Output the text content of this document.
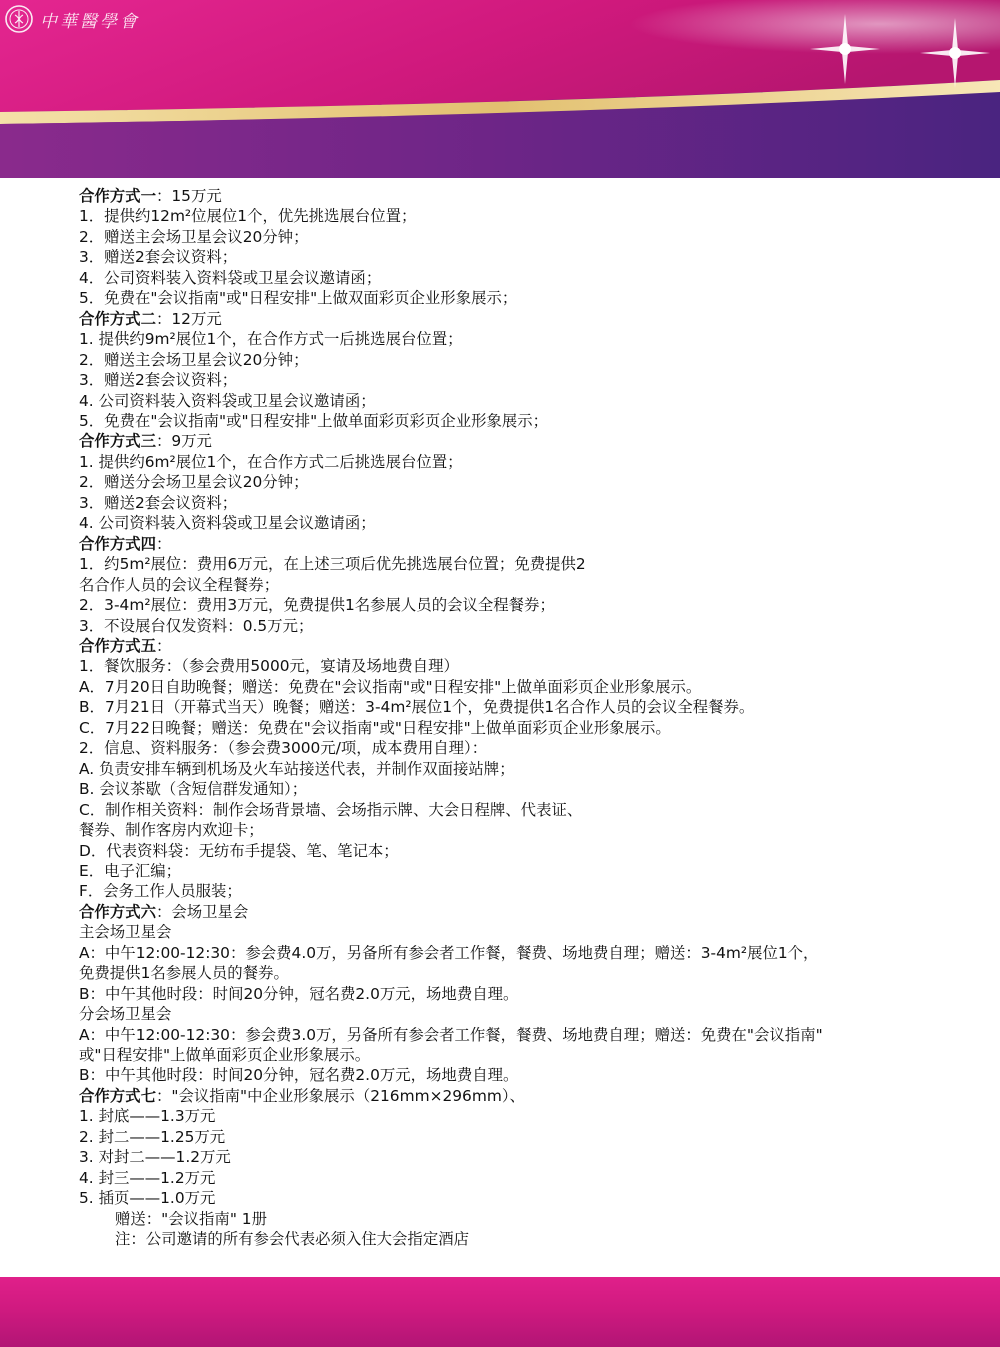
中華醫學會
合作方式一：15万元
1．提供约12m²位展位1个，优先挑选展台位置；
2．赠送主会场卫星会议20分钟；
3．赠送2套会议资料；
4．公司资料装入资料袋或卫星会议邀请函；
5．免费在"会议指南"或"日程安排"上做双面彩页企业形象展示；
合作方式二：12万元
1. 提供约9m²展位1个，在合作方式一后挑选展台位置；
2．赠送主会场卫星会议20分钟；
3．赠送2套会议资料；
4. 公司资料装入资料袋或卫星会议邀请函；
5．免费在"会议指南"或"日程安排"上做单面彩页彩页企业形象展示；
合作方式三：9万元
1. 提供约6m²展位1个，在合作方式二后挑选展台位置；
2．赠送分会场卫星会议20分钟；
3．赠送2套会议资料；
4. 公司资料装入资料袋或卫星会议邀请函；
合作方式四：
1．约5m²展位：费用6万元，在上述三项后优先挑选展台位置；免费提供2
名合作人员的会议全程餐券；
2．3-4m²展位：费用3万元，免费提供1名参展人员的会议全程餐券；
3．不设展台仅发资料：0.5万元；
合作方式五：
1．餐饮服务：（参会费用5000元，宴请及场地费自理）
A．7月20日自助晚餐；赠送：免费在"会议指南"或"日程安排"上做单面彩页企业形象展示。
B．7月21日（开幕式当天）晚餐；赠送：3-4m²展位1个，免费提供1名合作人员的会议全程餐券。
C．7月22日晚餐；赠送：免费在"会议指南"或"日程安排"上做单面彩页企业形象展示。
2．信息、资料服务：（参会费3000元/项，成本费用自理）：
A. 负责安排车辆到机场及火车站接送代表，并制作双面接站牌；
B. 会议茶歇（含短信群发通知）；
C．制作相关资料：制作会场背景墙、会场指示牌、大会日程牌、代表证、
餐券、制作客房内欢迎卡；
D．代表资料袋：无纺布手提袋、笔、笔记本；
E．电子汇编；
F．会务工作人员服装；
合作方式六：会场卫星会
主会场卫星会
A：中午12:00-12:30：参会费4.0万，另备所有参会者工作餐，餐费、场地费自理；赠送：3-4m²展位1个，
免费提供1名参展人员的餐券。
B：中午其他时段：时间20分钟，冠名费2.0万元，场地费自理。
分会场卫星会
A：中午12:00-12:30：参会费3.0万，另备所有参会者工作餐，餐费、场地费自理；赠送：免费在"会议指南"
或"日程安排"上做单面彩页企业形象展示。
B：中午其他时段：时间20分钟，冠名费2.0万元，场地费自理。
合作方式七："会议指南"中企业形象展示（216mm×296mm）、
1. 封底——1.3万元
2. 封二——1.25万元
3. 对封二——1.2万元
4. 封三——1.2万元
5. 插页——1.0万元
赠送："会议指南" 1册
注：公司邀请的所有参会代表必须入住大会指定酒店
